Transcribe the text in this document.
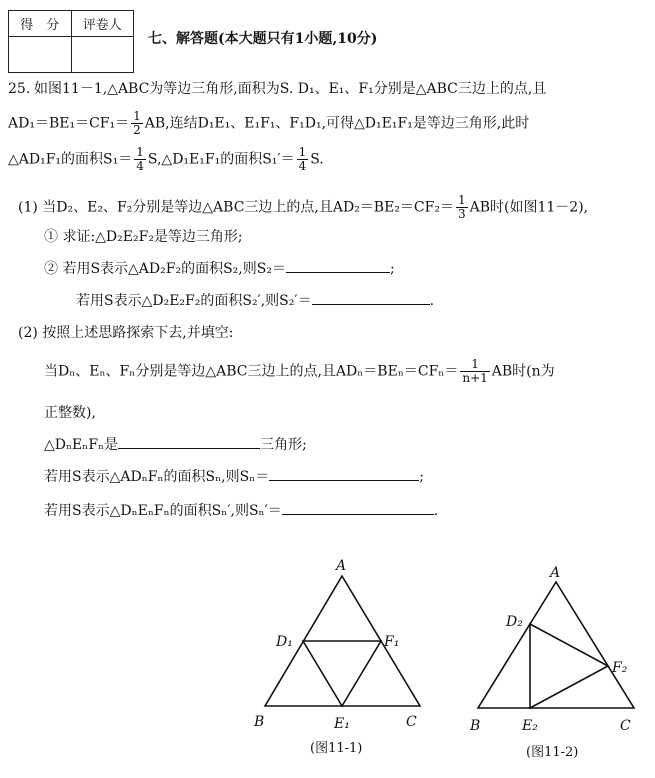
得　分	评卷人

七、解答题(本大题只有1小题,10分)
25. 如图11－1,△ABC为等边三角形,面积为S. D₁、E₁、F₁分别是△ABC三边上的点,且
$AD_1=BE_1=CF_1= \frac{1}{2}$ AB,连结D₁E₁、E₁F₁、F₁D₁,可得△D₁E₁F₁是等边三角形,此时
△AD₁F₁的面积$S_1= \frac{1}{4}$ S,△D₁E₁F₁的面积$S_1'= \frac{1}{4} S$.
(1) 当D₂、E₂、F₂分别是等边△ABC三边上的点,且$AD_2=BE_2=CF_2= \frac{1}{3}$ AB时(如图11－2),
① 求证:△D₂E₂F₂是等边三角形;
② 若用S表示△AD₂F₂的面积S₂,则S₂＝	;
若用S表示△D₂E₂F₂的面积S₂′,则S₂′＝	.
(2) 按照上述思路探索下去,并填空:
当Dₙ、Eₙ、Fₙ分别是等边△ABC三边上的点,且$AD_n=BE_n=CF_n= \frac{1}{n+1}$ AB时(n为
正整数),
△DₙEₙFₙ是	三角形;
若用S表示△ADₙFₙ的面积Sₙ,则Sₙ＝	;
若用S表示△DₙEₙFₙ的面积Sₙ′,则Sₙ′＝	.
A
B	C
D₁	F₁
E₁
(图11-1)
A
B	C
D₂
F₂
E₂
(图11-2)
